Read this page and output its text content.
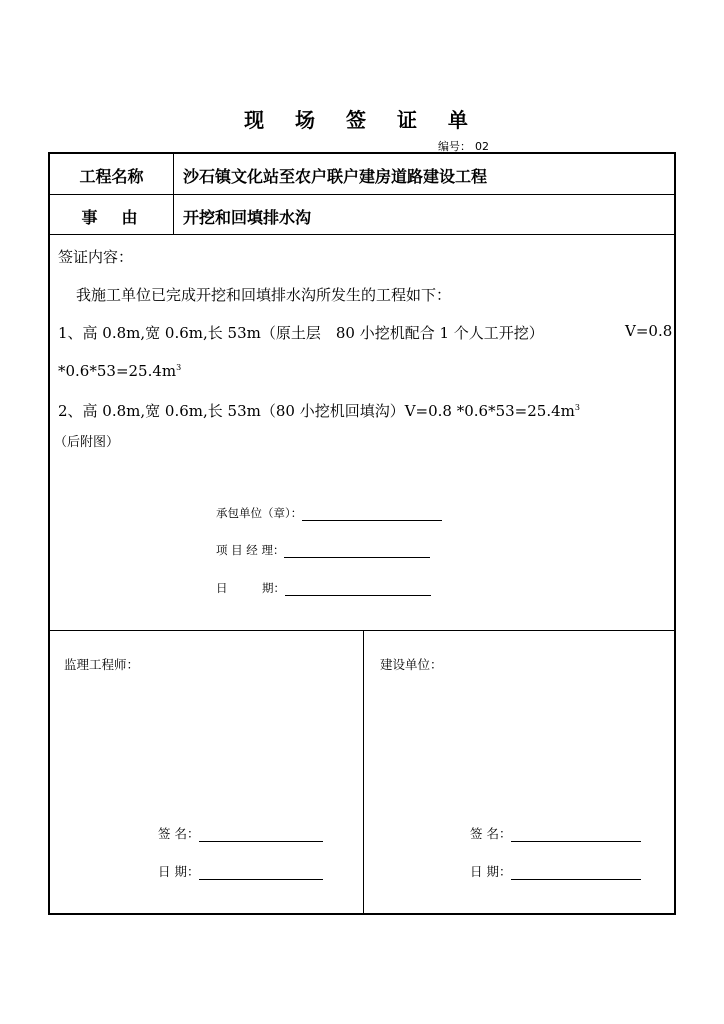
现 场 签 证 单
编号： 02
工程名称	沙石镇文化站至农户联户建房道路建设工程
事　由	开挖和回填排水沟
签证内容：
我施工单位已完成开挖和回填排水沟所发生的工程如下：
1、高 0.8m,宽 0.6m,长 53m（原土层　80 小挖机配合 1 个人工开挖）	V=0.8
$*0.6*53=25.4m^3$
2、高 0.8m,宽 0.6m,长 53m（80 小挖机回填沟）V=0.8 $*0.6*53=25.4m^3$
（后附图）
承包单位（章）：
项 目 经 理：
日　　　期：
监理工程师：
签 名：
日 期：
建设单位：
签 名：
日 期：
